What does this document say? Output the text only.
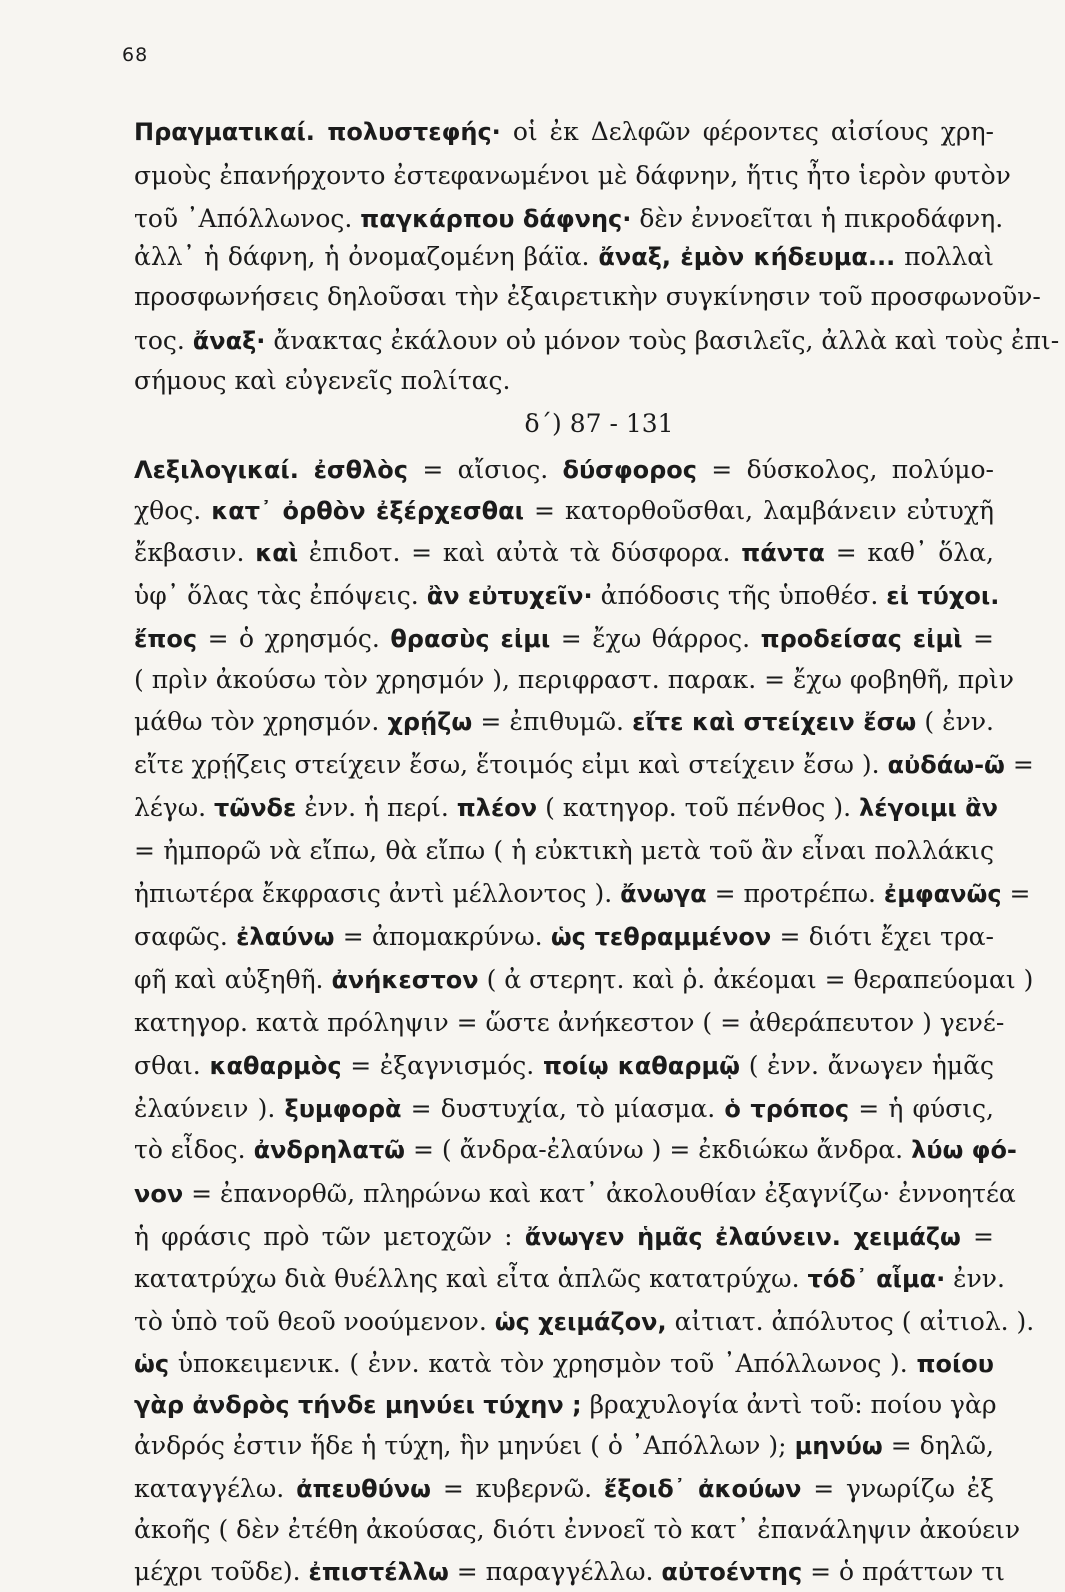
68
Πραγματικαί. πολυστεφής· οἱ ἐκ Δελφῶν φέροντες αἰσίους χρη-
σμοὺς ἐπανήρχοντο ἐστεφανωμένοι μὲ δάφνην, ἥτις ἦτο ἱερὸν φυτὸν
τοῦ ᾿Απόλλωνος. παγκάρπου δάφνης· δὲν ἐννοεῖται ἡ πικροδάφνη.
ἀλλ᾿ ἡ δάφνη, ἡ ὀνομαζομένη βάϊα. ἄναξ, ἐμὸν κήδευμα... πολλαὶ
προσφωνήσεις δηλοῦσαι τὴν ἐξαιρετικὴν συγκίνησιν τοῦ προσφωνοῦν-
τος. ἄναξ· ἄνακτας ἐκάλουν οὐ μόνον τοὺς βασιλεῖς, ἀλλὰ καὶ τοὺς ἐπι-
σήμους καὶ εὐγενεῖς πολίτας.
δ΄) 87 - 131
Λεξιλογικαί. ἐσθλὸς = αἴσιος. δύσφορος = δύσκολος, πολύμο-
χθος. κατ᾿ ὀρθὸν ἐξέρχεσθαι = κατορθοῦσθαι, λαμβάνειν εὐτυχῆ
ἔκβασιν. καὶ ἐπιδοτ. = καὶ αὐτὰ τὰ δύσφορα. πάντα = καθ᾿ ὅλα,
ὑφ᾿ ὅλας τὰς ἐπόψεις. ἂν εὐτυχεῖν· ἀπόδοσις τῆς ὑποθέσ. εἰ τύχοι.
ἔπος = ὁ χρησμός. θρασὺς εἰμι = ἔχω θάρρος. προδείσας εἰμὶ =
( πρὶν ἀκούσω τὸν χρησμόν ), περιφραστ. παρακ. = ἔχω φοβηθῆ, πρὶν
μάθω τὸν χρησμόν. χρῄζω = ἐπιθυμῶ. εἴτε καὶ στείχειν ἔσω ( ἐνν.
εἴτε χρῄζεις στείχειν ἔσω, ἕτοιμός εἰμι καὶ στείχειν ἔσω ). αὐδάω-ῶ =
λέγω. τῶνδε ἐνν. ἡ περί. πλέον ( κατηγορ. τοῦ πένθος ). λέγοιμι ἂν
= ἠμπορῶ νὰ εἴπω, θὰ εἴπω ( ἡ εὐκτικὴ μετὰ τοῦ ἂν εἶναι πολλάκις
ἠπιωτέρα ἔκφρασις ἀντὶ μέλλοντος ). ἄνωγα = προτρέπω. ἐμφανῶς =
σαφῶς. ἐλαύνω = ἀπομακρύνω. ὡς τεθραμμένον = διότι ἔχει τρα-
φῆ καὶ αὐξηθῆ. ἀνήκεστον ( ἀ στερητ. καὶ ῥ. ἀκέομαι = θεραπεύομαι )
κατηγορ. κατὰ πρόληψιν = ὥστε ἀνήκεστον ( = ἀθεράπευτον ) γενέ-
σθαι. καθαρμὸς = ἐξαγνισμός. ποίῳ καθαρμῷ ( ἐνν. ἄνωγεν ἡμᾶς
ἐλαύνειν ). ξυμφορὰ = δυστυχία, τὸ μίασμα. ὁ τρόπος = ἡ φύσις,
τὸ εἶδος. ἀνδρηλατῶ = ( ἄνδρα-ἐλαύνω ) = ἐκδιώκω ἄνδρα. λύω φό-
νον = ἐπανορθῶ, πληρώνω καὶ κατ᾿ ἀκολουθίαν ἐξαγνίζω· ἐννοητέα
ἡ φράσις πρὸ τῶν μετοχῶν : ἄνωγεν ἡμᾶς ἐλαύνειν. χειμάζω =
κατατρύχω διὰ θυέλλης καὶ εἶτα ἁπλῶς κατατρύχω. τόδ᾿ αἷμα· ἐνν.
τὸ ὑπὸ τοῦ θεοῦ νοούμενον. ὡς χειμάζον, αἰτιατ. ἀπόλυτος ( αἰτιολ. ).
ὡς ὑποκειμενικ. ( ἐνν. κατὰ τὸν χρησμὸν τοῦ ᾿Απόλλωνος ). ποίου
γὰρ ἀνδρὸς τήνδε μηνύει τύχην ; βραχυλογία ἀντὶ τοῦ: ποίου γὰρ
ἀνδρός ἐστιν ἥδε ἡ τύχη, ἣν μηνύει ( ὁ ᾿Απόλλων ); μηνύω = δηλῶ,
καταγγέλω. ἀπευθύνω = κυβερνῶ. ἔξοιδ᾿ ἀκούων = γνωρίζω ἐξ
ἀκοῆς ( δὲν ἐτέθη ἀκούσας, διότι ἐννοεῖ τὸ κατ᾿ ἐπανάληψιν ἀκούειν
μέχρι τοῦδε). ἐπιστέλλω = παραγγέλλω. αὐτοέντης = ὁ πράττων τι
